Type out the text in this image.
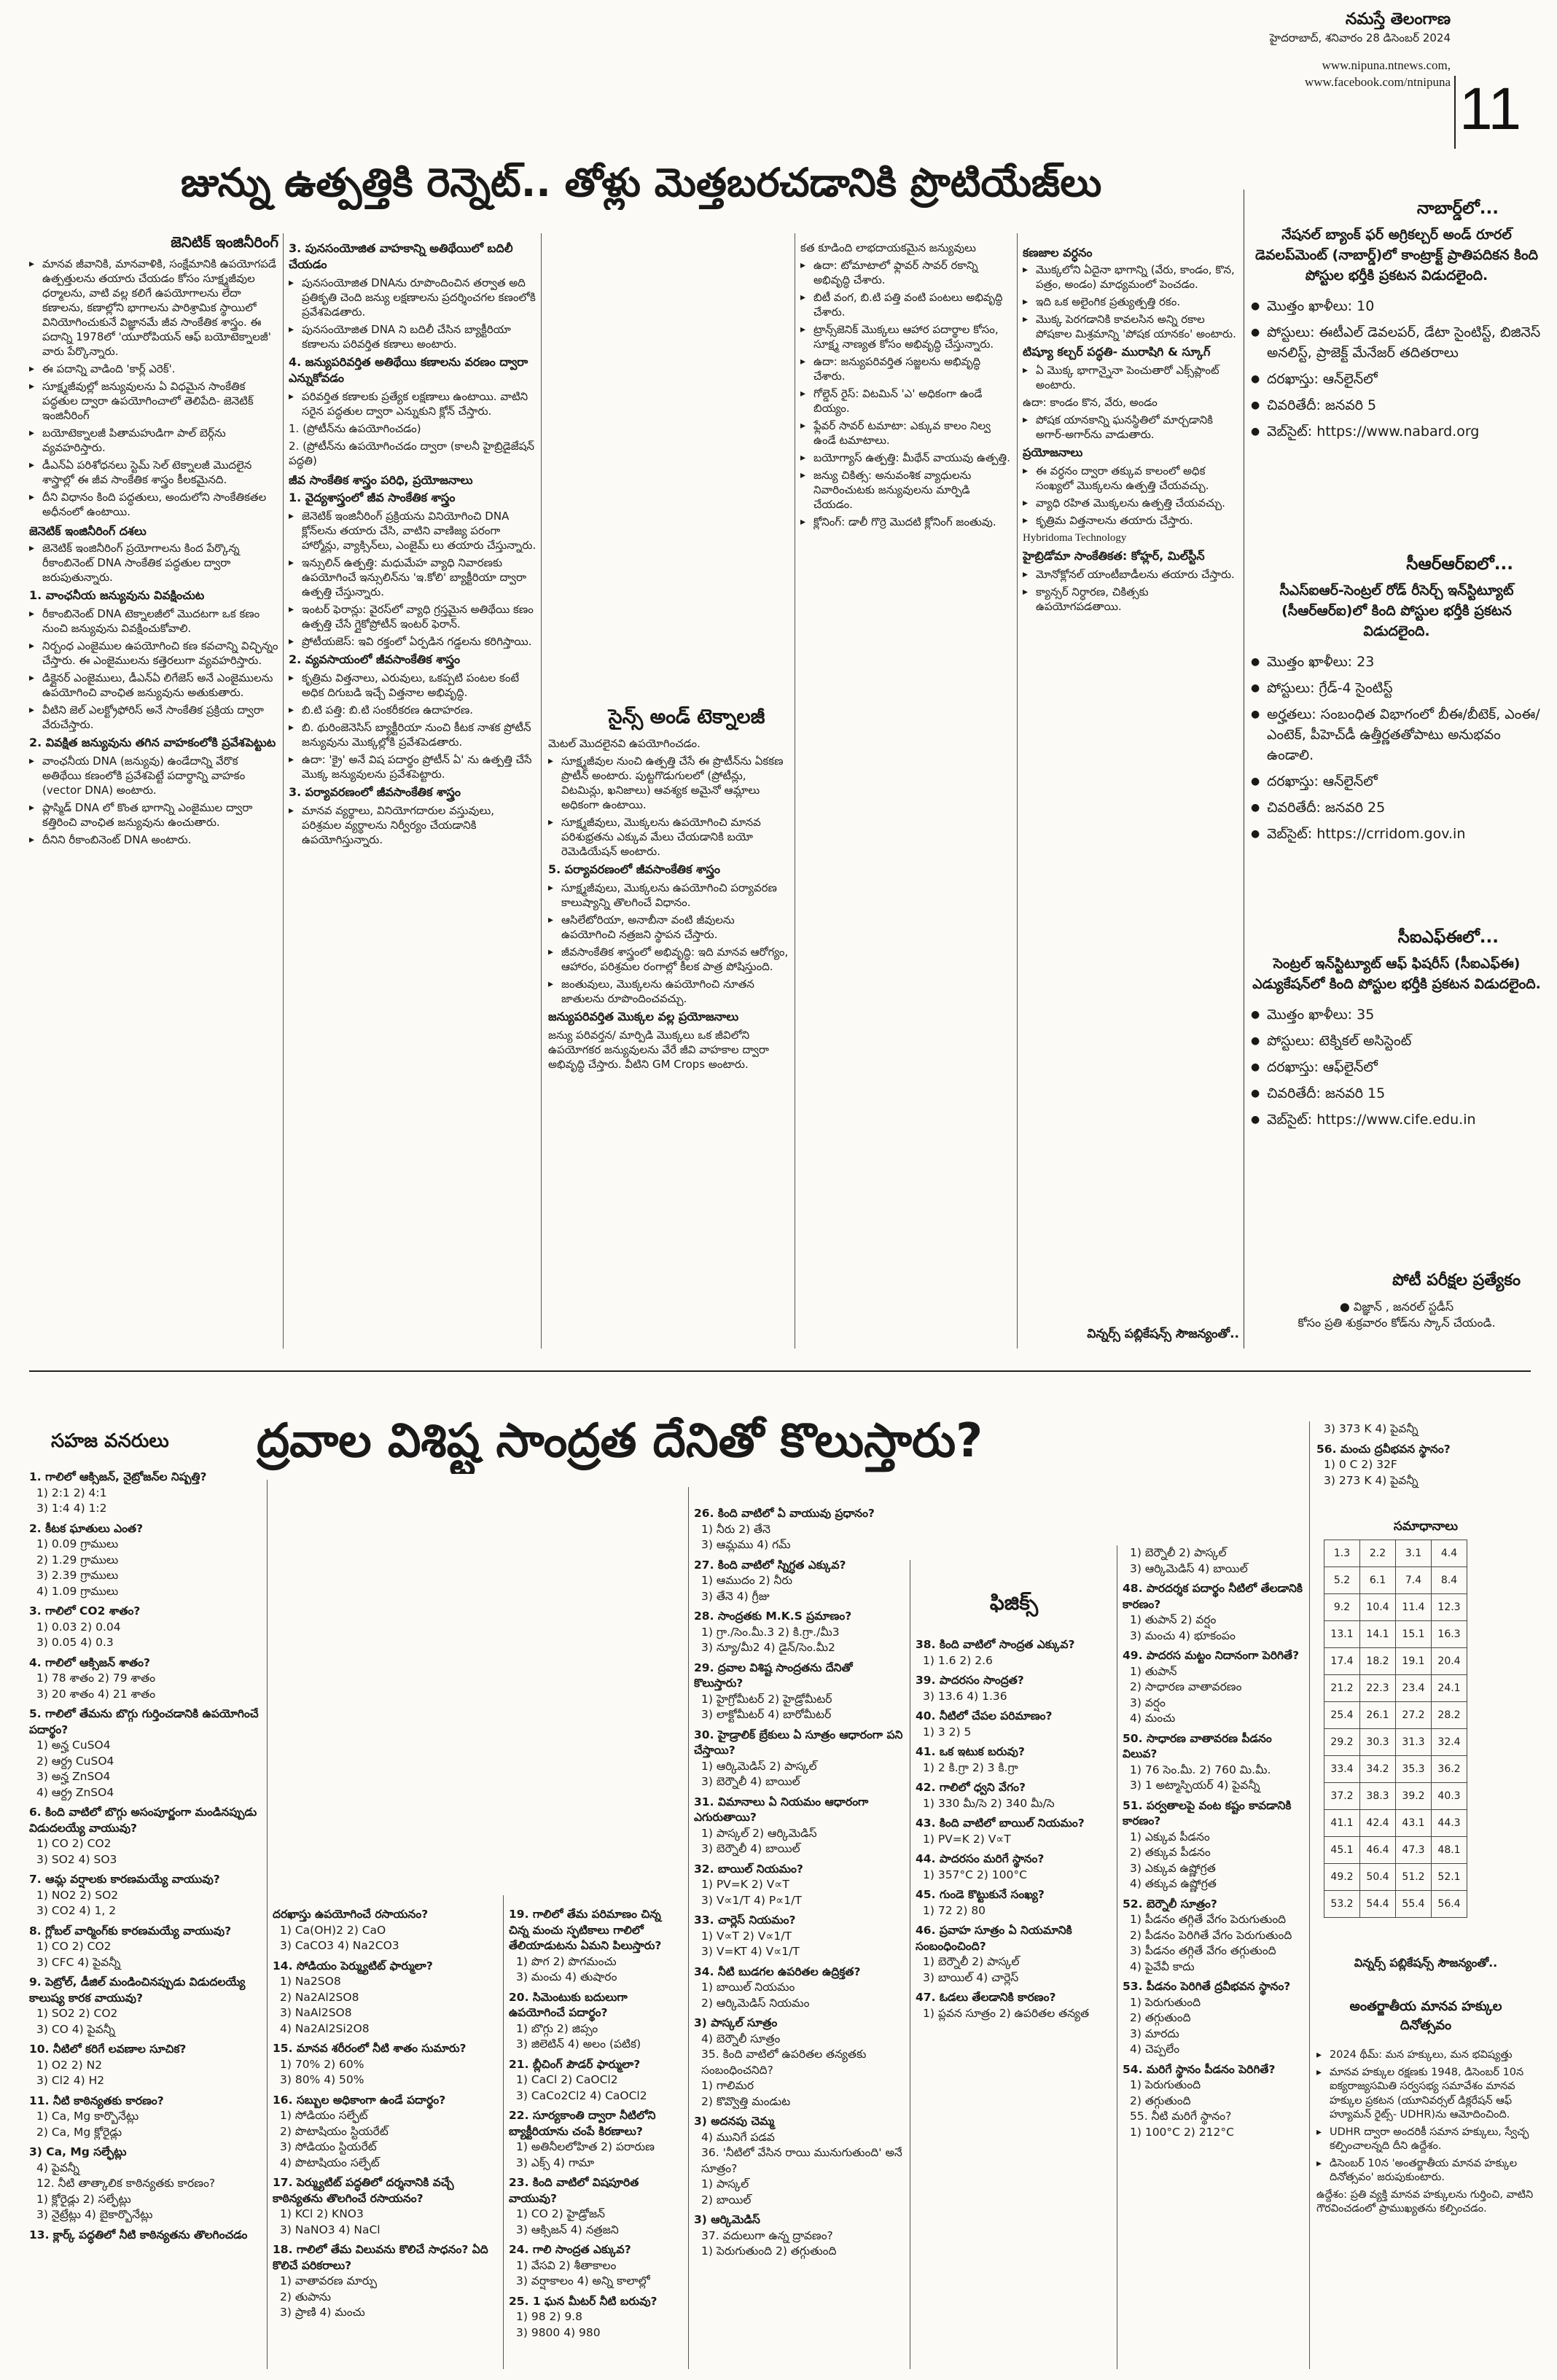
నమస్తే తెలంగాణ
హైదరాబాద్, శనివారం 28 డిసెంబర్ 2024
www.nipuna.ntnews.com,
www.facebook.com/ntnipuna 11
జున్ను ఉత్పత్తికి రెన్నెట్.. తోళ్లు మెత్తబరచడానికి ప్రొటియేజ్‌లు
జెనిటిక్ ఇంజినీరింగ్

▸ మానవ జీవానికి, మానవాళికి, సంక్షేమానికి ఉపయోగపడే ఉత్పత్తులను తయారు చేయడం కోసం సూక్ష్మజీవుల ధర్మాలను, వాటి వల్ల కలిగే ఉపయోగాలను లేదా కణాలను, కణాల్లోని భాగాలను పారిశ్రామిక స్థాయిలో వినియోగించుకునే విజ్ఞానమే జీవ సాంకేతిక శాస్త్రం. ఈ పదాన్ని 1978లో 'యూరోపియన్ ఆఫ్ బయోటెక్నాలజీ' వారు పేర్కొన్నారు.

▸ ఈ పదాన్ని వాడింది 'కార్ల్ ఎరెక్'.

▸ సూక్ష్మజీవుల్లో జన్యువులను ఏ విధమైన సాంకేతిక పద్ధతుల ద్వారా ఉపయోగించాలో తెలిపేది- జెనెటిక్ ఇంజినీరింగ్

▸ బయోటెక్నాలజీ పితామహుడిగా పాల్ బెర్గ్‌ను వ్యవహరిస్తారు.

▸ డీఎన్ఏ పరిశోధనలు స్టెమ్ సెల్ టెక్నాలజీ మొదలైన శాస్త్రాల్లో ఈ జీవ సాంకేతిక శాస్త్రం కీలకమైనది.

▸ దీని విధానం కింది పద్ధతులు, అందులోని సాంకేతికతల అధీనంలో ఉంటాయి.

జెనెటిక్ ఇంజినీరింగ్ దశలు

▸ జెనెటిక్ ఇంజినీరింగ్ ప్రయోగాలను కింద పేర్కొన్న రీకాంబినెంట్ DNA సాంకేతిక పద్ధతుల ద్వారా జరుపుతున్నారు.

1. వాంఛనీయ జన్యువును వివక్షించుట

▸ రీకాంబినెంట్ DNA టెక్నాలజీలో మొదటగా ఒక కణం నుంచి జన్యువును వివక్షించుకోవాలి.

▸ నిర్బంధ ఎంజైముల ఉపయోగించి కణ కవచాన్ని విచ్ఛిన్నం చేస్తారు. ఈ ఎంజైములను కత్తెరలుగా వ్యవహరిస్తారు.

▸ డిక్లైనర్ ఎంజైములు, డీఎన్ఏ లిగేజెస్ అనే ఎంజైములను ఉపయోగించి వాంఛిత జన్యువును అతుకుతారు.

▸ వీటిని జెల్ ఎలక్ట్రోఫోరిస్ అనే సాంకేతిక ప్రక్రియ ద్వారా వేరుచేస్తారు.

2. వివక్షిత జన్యువును తగిన వాహకంలోకి ప్రవేశపెట్టుట

▸ వాంఛనీయ DNA (జన్యువు) ఉండేదాన్ని వేరొక అతిథేయి కణంలోకి ప్రవేశపెట్టే పదార్థాన్ని వాహకం (vector DNA) అంటారు.

▸ ప్లాస్మిడ్ DNA లో కొంత భాగాన్ని ఎంజైముల ద్వారా కత్తిరించి వాంఛిత జన్యువును ఉంచుతారు.

▸ దీనిని రీకాంబినెంట్ DNA అంటారు.

3. పునసంయోజిత వాహకాన్ని అతిథేయిలో బదిలీ చేయడం

▸ పునసంయోజిత DNAను రూపొందించిన తర్వాత అది ప్రతికృతి చెంది జన్యు లక్షణాలను ప్రదర్శించగల కణంలోకి ప్రవేశపెడతారు.

▸ పునసంయోజిత DNA ని బదిలీ చేసిన బ్యాక్టీరియా కణాలను పరివర్తిత కణాలు అంటారు.

4. జన్యుపరివర్తిత అతిథేయి కణాలను వరణం ద్వారా ఎన్నుకోవడం

▸ పరివర్తిత కణాలకు ప్రత్యేక లక్షణాలు ఉంటాయి. వాటిని సరైన పద్ధతుల ద్వారా ఎన్నుకుని క్లోన్ చేస్తారు.

1. (ప్రోటీన్‌ను ఉపయోగించడం)

2. (ప్రోటీన్‌ను ఉపయోగించడం ద్వారా (కాలనీ హైబ్రిడైజేషన్ పద్ధతి)

జీవ సాంకేతిక శాస్త్రం పరిధి, ప్రయోజనాలు

1. వైద్యశాస్త్రంలో జీవ సాంకేతిక శాస్త్రం

▸ జెనెటిక్ ఇంజినీరింగ్ ప్రక్రియను వినియోగించి DNA క్లోన్‌లను తయారు చేసి, వాటిని వాణిజ్య పరంగా హార్మోన్లు, వ్యాక్సిన్‌లు, ఎంజైమ్ లు తయారు చేస్తున్నారు.

▸ ఇన్సులిన్ ఉత్పత్తి: మధుమేహ వ్యాధి నివారణకు ఉపయోగించే ఇన్సులిన్‌ను 'ఇ.కోలి' బ్యాక్టీరియా ద్వారా ఉత్పత్తి చేస్తున్నారు.

▸ ఇంటర్ ఫెరాన్లు: వైరస్‌లో వ్యాధి గ్రస్తమైన అతిథేయి కణం ఉత్పత్తి చేసే గ్లైకోప్రోటీన్ ఇంటర్ ఫెరాన్.

▸ ప్రోటీయజెస్: ఇవి రక్తంలో ఏర్పడిన గడ్డలను కరిగిస్తాయి.

2. వ్యవసాయంలో జీవసాంకేతిక శాస్త్రం

▸ కృత్రిమ విత్తనాలు, ఎరువులు, ఒకప్పటి పంటల కంటే అధిక దిగుబడి ఇచ్చే విత్తనాల అభివృద్ధి.

▸ బి.టి పత్తి: బి.టి సంకరీకరణ ఉదాహరణ.

▸ బి. థురింజెనెసిస్ బ్యాక్టీరియా నుంచి కీటక నాశక ప్రోటీన్ జన్యువును మొక్కల్లోకి ప్రవేశపెడతారు.

▸ ఉదా: 'క్రై' అనే విష పదార్థం ప్రోటీన్ ఏ' ను ఉత్పత్తి చేసే మొక్క జన్యువులను ప్రవేశపెట్టారు.

3. పర్యావరణంలో జీవసాంకేతిక శాస్త్రం

▸ మానవ వ్యర్థాలు, వినియోగదారుల వస్తువులు, పరిశ్రమల వ్యర్థాలను నిర్వీర్యం చేయడానికి ఉపయోగిస్తున్నారు.

సైన్స్ అండ్ టెక్నాలజీ

మెటల్ మొదలైనవి ఉపయోగించడం.

▸ సూక్ష్మజీవుల నుంచి ఉత్పత్తి చేసే ఈ ప్రొటీన్‌ను ఏకకణ ప్రొటీన్ అంటారు. పుట్టగొడుగులలో (ప్రోటీన్లు, విటమిన్లు, ఖనిజాలు) ఆవశ్యక అమైనో ఆమ్లాలు అధికంగా ఉంటాయి.

▸ సూక్ష్మజీవులు, మొక్కలను ఉపయోగించి మానవ పరిశుభ్రతను ఎక్కువ మేలు చేయడానికి బయో రెమెడియేషన్ అంటారు.

5. పర్యావరణంలో జీవసాంకేతిక శాస్త్రం

▸ సూక్ష్మజీవులు, మొక్కలను ఉపయోగించి పర్యావరణ కాలుష్యాన్ని తొలగించే విధానం.

▸ ఆసిలేటోరియా, అనాబీనా వంటి జీవులను ఉపయోగించి నత్రజని స్థాపన చేస్తారు.

▸ జీవసాంకేతిక శాస్త్రంలో అభివృద్ధి: ఇది మానవ ఆరోగ్యం, ఆహారం, పరిశ్రమల రంగాల్లో కీలక పాత్ర పోషిస్తుంది.

▸ జంతువులు, మొక్కలను ఉపయోగించి నూతన జాతులను రూపొందించవచ్చు.

జన్యుపరివర్తిత మొక్కల వల్ల ప్రయోజనాలు

జన్యు పరివర్తన/ మార్పిడి మొక్కలు ఒక జీవిలోని ఉపయోగకర జన్యువులను వేరే జీవి వాహకాల ద్వారా అభివృద్ధి చేస్తారు. వీటిని GM Crops అంటారు.

కత కూడింది లాభదాయకమైన జన్యువులు

▸ ఉదా: టోమాటాలో ఫ్లావర్ సావర్ రకాన్ని అభివృద్ధి చేశారు.

▸ బిటీ వంగ, బి.టి పత్తి వంటి పంటలు అభివృద్ధి చేశారు.

▸ ట్రాన్స్‌జెనిక్ మొక్కలు ఆహార పదార్థాల కోసం, సూక్ష్మ నాణ్యత కోసం అభివృద్ధి చేస్తున్నారు.

▸ ఉదా: జన్యుపరివర్తిత సజ్జలను అభివృద్ధి చేశారు.

▸ గోల్డెన్ రైస్: విటమిన్ 'ఎ' అధికంగా ఉండే బియ్యం.

▸ ఫ్లేవర్ సావర్ టమాటా: ఎక్కువ కాలం నిల్వ ఉండే టమాటాలు.

▸ బయోగ్యాస్ ఉత్పత్తి: మీథేన్ వాయువు ఉత్పత్తి.

▸ జన్యు చికిత్స: అనువంశిక వ్యాధులను నివారించుటకు జన్యువులను మార్పిడి చేయడం.

▸ క్లోనింగ్: డాలీ గొర్రె మొదటి క్లోనింగ్ జంతువు.

కణజాల వర్ధనం

▸ మొక్కలోని ఏదైనా భాగాన్ని (వేరు, కాండం, కొన, పత్రం, అండం) మాధ్యమంలో పెంచడం.

▸ ఇది ఒక అలైంగిక ప్రత్యుత్పత్తి రకం.

▸ మొక్క పెరగడానికి కావలసిన అన్ని రకాల పోషకాల మిశ్రమాన్ని 'పోషక యానకం' అంటారు.

టిష్యూ కల్చర్ పద్ధతి- మురాషిగి & స్కూగ్

▸ ఏ మొక్క భాగాన్నైనా పెంచుతారో ఎక్స్‌ప్లాంట్ అంటారు.

ఉదా: కాండం కొన, వేరు, అండం

▸ పోషక యానకాన్ని ఘనస్థితిలో మార్చడానికి అగార్-అగార్‌ను వాడుతారు.

ప్రయోజనాలు

▸ ఈ వర్ధనం ద్వారా తక్కువ కాలంలో అధిక సంఖ్యలో మొక్కలను ఉత్పత్తి చేయవచ్చు.

▸ వ్యాధి రహిత మొక్కలను ఉత్పత్తి చేయవచ్చు.

▸ కృత్రిమ విత్తనాలను తయారు చేస్తారు.

Hybridoma Technology

హైబ్రిడోమా సాంకేతికత: కోహ్లర్, మిల్‌స్టీన్

▸ మోనోక్లోనల్ యాంటీబాడీలను తయారు చేస్తారు.

▸ క్యాన్సర్ నిర్ధారణ, చికిత్సకు ఉపయోగపడతాయి.

విన్నర్స్ పబ్లికేషన్స్ సౌజన్యంతో..
నాబార్డ్‌లో...
నేషనల్ బ్యాంక్ ఫర్ అగ్రికల్చర్ అండ్ రూరల్ డెవలప్‌మెంట్ (నాబార్డ్)లో కాంట్రాక్ట్ ప్రాతిపదికన కింది పోస్టుల భర్తీకి ప్రకటన విడుదలైంది.
● మొత్తం ఖాళీలు: 10
● పోస్టులు: ఈటీఎల్ డెవలపర్, డేటా సైంటిస్ట్, బిజినెస్ అనలిస్ట్, ప్రాజెక్ట్ మేనేజర్ తదితరాలు
● దరఖాస్తు: ఆన్‌లైన్‌లో
● చివరితేదీ: జనవరి 5
● వెబ్‌సైట్: https://www.nabard.org
సీఆర్ఆర్ఐలో...
సీఎస్ఐఆర్-సెంట్రల్ రోడ్ రీసెర్చ్ ఇన్‌స్టిట్యూట్ (సీఆర్ఆర్ఐ)లో కింది పోస్టుల భర్తీకి ప్రకటన విడుదలైంది.
● మొత్తం ఖాళీలు: 23
● పోస్టులు: గ్రేడ్-4 సైంటిస్ట్
● అర్హతలు: సంబంధిత విభాగంలో బీఈ/బీటెక్, ఎంఈ/ఎంటెక్, పీహెచ్‌డీ ఉత్తీర్ణతతోపాటు అనుభవం ఉండాలి.
● దరఖాస్తు: ఆన్‌లైన్‌లో
● చివరితేదీ: జనవరి 25
● వెబ్‌సైట్: https://crridom.gov.in
సీఐఎఫ్ఈలో...
సెంట్రల్ ఇన్‌స్టిట్యూట్ ఆఫ్ ఫిషరీస్ (సీఐఎఫ్ఈ) ఎడ్యుకేషన్‌లో కింది పోస్టుల భర్తీకి ప్రకటన విడుదలైంది.
● మొత్తం ఖాళీలు: 35
● పోస్టులు: టెక్నికల్ అసిస్టెంట్
● దరఖాస్తు: ఆఫ్‌లైన్‌లో
● చివరితేదీ: జనవరి 15
● వెబ్‌సైట్: https://www.cife.edu.in
పోటీ పరీక్షల ప్రత్యేకం
● విజ్ఞాన్ , జనరల్ స్టడీస్
కోసం ప్రతి శుక్రవారం కోడ్‌ను స్కాన్ చేయండి.
సహజ వనరులు	ద్రవాల విశిష్ట సాంద్రత దేనితో కొలుస్తారు?
1. గాలిలో ఆక్సిజన్, నైట్రోజన్‌ల నిష్పత్తి?
1) 2:1 2) 4:1
3) 1:4 4) 1:2
2. కీటక ఘాతులు ఎంత?
1) 0.09 గ్రాములు
2) 1.29 గ్రాములు
3) 2.39 గ్రాములు
4) 1.09 గ్రాములు
3. గాలిలో CO2 శాతం?
1) 0.03 2) 0.04
3) 0.05 4) 0.3
4. గాలిలో ఆక్సిజన్ శాతం?
1) 78 శాతం 2) 79 శాతం
3) 20 శాతం 4) 21 శాతం
5. గాలిలో తేమను బొగ్గు గుర్తించడానికి ఉపయోగించే పదార్థం?
1) అన్హ CuSO4
2) ఆర్ద్ర CuSO4
3) అన్హ ZnSO4
4) ఆర్ద్ర ZnSO4
6. కింది వాటిలో బొగ్గు అసంపూర్ణంగా మండినప్పుడు విడుదలయ్యే వాయువు?
1) CO 2) CO2
3) SO2 4) SO3
7. ఆమ్ల వర్షాలకు కారణమయ్యే వాయువు?
1) NO2 2) SO2
3) CO2 4) 1, 2
8. గ్లోబల్ వార్మింగ్‌కు కారణమయ్యే వాయువు?
1) CO 2) CO2
3) CFC 4) పైవన్నీ
9. పెట్రోల్, డీజిల్ మండించినప్పుడు విడుదలయ్యే కాలుష్య కారక వాయువు?
1) SO2 2) CO2
3) CO 4) పైవన్నీ
10. నీటిలో కరిగే లవణాల సూచిక?
1) O2 2) N2
3) Cl2 4) H2
11. నీటి కాఠిన్యతకు కారణం?
1) Ca, Mg కార్బొనేట్లు
2) Ca, Mg క్లోరైడ్లు
3) Ca, Mg సల్ఫేట్లు
4) పైవన్నీ
12. నీటి తాత్కాలిక కాఠిన్యతకు కారణం?
1) క్లోరైడ్లు 2) సల్ఫేట్లు
3) నైట్రేట్లు 4) బైకార్బొనేట్లు
13. క్లార్క్ పద్ధతిలో నీటి కాఠిన్యతను తొలగించడం
దరఖాస్తు ఉపయోగించే రసాయనం?
1) Ca(OH)2 2) CaO
3) CaCO3 4) Na2CO3
14. సోడియం పెర్మ్యుటిట్ ఫార్ములా?
1) Na2SO8
2) Na2Al2SO8
3) NaAl2SO8
4) Na2Al2Si2O8
15. మానవ శరీరంలో నీటి శాతం సుమారు?
1) 70% 2) 60%
3) 80% 4) 50%
16. సబ్బుల అధికాంగా ఉండే పదార్థం?
1) సోడియం సల్ఫేట్
2) పొటాషియం స్టియరేట్
3) సోడియం స్టియరేట్
4) పొటాషియం సల్ఫేట్
17. పెర్మ్యుటిట్ పద్ధతిలో దర్శనానికి వచ్చే కాఠిన్యతను తొలగించే రసాయనం?
1) KCl 2) KNO3
3) NaNO3 4) NaCl
18. గాలిలో తేమ విలువను కొలిచే సాధనం? ఏది కొలిచే పరికరాలు?
1) వాతావరణ మార్పు
2) తుపాను
3) ప్రాణి 4) మంచు
19. గాలిలో తేమ పరిమాణం చిన్న చిన్న మంచు స్ఫటికాలు గాలిలో తేలియాడుటను ఏమని పిలుస్తారు?
1) పొగ 2) పొగమంచు
3) మంచు 4) తుషారం
20. సిమెంటుకు బదులుగా ఉపయోగించే పదార్థం?
1) బొగ్గు 2) జిప్సం
3) జిలెటిన్ 4) అలం (పటిక)
21. బ్లీచింగ్ పౌడర్ ఫార్ములా?
1) CaCl 2) CaOCl2
3) CaCo2Cl2 4) CaOCl2
22. సూర్యకాంతి ద్వారా నీటిలోని బ్యాక్టీరియాను చంపే కిరణాలు?
1) అతినీలలోహిత 2) పరారుణ
3) ఎక్స్ 4) గామా
23. కింది వాటిలో విషపూరిత వాయువు?
1) CO 2) హైడ్రోజన్
3) ఆక్సిజన్ 4) నత్రజని
24. గాలి సాంద్రత ఎక్కువ?
1) వేసవి 2) శీతాకాలం
3) వర్షాకాలం 4) అన్ని కాలాల్లో
25. 1 ఘన మీటర్ నీటి బరువు?
1) 98 2) 9.8
3) 9800 4) 980
26. కింది వాటిలో ఏ వాయువు ప్రధానం?
1) నీరు 2) తేనె
3) ఆమ్లము 4) గమ్
27. కింది వాటిలో స్నిగ్ధత ఎక్కువ?
1) ఆముదం 2) నీరు
3) తేనె 4) గ్రీజు
28. సాంద్రతకు M.K.S ప్రమాణం?
1) గ్రా./సెం.మీ.3 2) కి.గ్రా./మీ3
3) న్యూ/మీ2 4) డైన్/సెం.మీ2
29. ద్రవాల విశిష్ట సాంద్రతను దేనితో కొలుస్తారు?
1) హైగ్రోమీటర్ 2) హైడ్రోమీటర్
3) లాక్టోమీటర్ 4) బారోమీటర్
30. హైడ్రాలిక్ బ్రేకులు ఏ సూత్రం ఆధారంగా పని చేస్తాయి?
1) ఆర్కిమెడిస్ 2) పాస్కల్
3) బెర్నౌలీ 4) బాయిల్
31. విమానాలు ఏ నియమం ఆధారంగా ఎగురుతాయి?
1) పాస్కల్ 2) ఆర్కిమెడిస్
3) బెర్నౌలీ 4) బాయిల్
32. బాయిల్ నియమం?
1) PV=K 2) V∝T
3) V∝1/T 4) P∝1/T
33. చార్లెస్ నియమం?
1) V∝T 2) V∝1/T
3) V=KT 4) V∝1/T
34. నీటి బుడగల ఉపరితల ఉద్రిక్తత?
1) బాయిల్ నియమం
2) ఆర్కిమెడిస్ నియమం
3) పాస్కల్ సూత్రం
4) బెర్నౌలీ సూత్రం
35. కింది వాటిలో ఉపరితల తన్యతకు సంబంధించనిది?
1) గాలిమర
2) కొవ్వొత్తి మండుట
3) అదనపు చెమ్మ
4) మునిగే పడవ
36. 'నీటిలో వేసిన రాయి మునుగుతుంది' అనే సూత్రం?
1) పాస్కల్
2) బాయిల్
3) ఆర్కిమెడిస్
37. వదులుగా ఉన్న ద్రావణం?
1) పెరుగుతుంది 2) తగ్గుతుంది
ఫిజిక్స్
38. కింది వాటిలో సాంద్రత ఎక్కువ?
1) 1.6 2) 2.6
39. పాదరసం సాంద్రత?
3) 13.6 4) 1.36
40. నీటిలో చేపల పరిమాణం?
1) 3 2) 5
41. ఒక ఇటుక బరువు?
1) 2 కి.గ్రా 2) 3 కి.గ్రా
42. గాలిలో ధ్వని వేగం?
1) 330 మీ/సె 2) 340 మీ/సె
43. కింది వాటిలో బాయిల్ నియమం?
1) PV=K 2) V∝T
44. పాదరసం మరిగే స్థానం?
1) 357°C 2) 100°C
45. గుండె కొట్టుకునే సంఖ్య?
1) 72 2) 80
46. ప్రవాహ సూత్రం ఏ నియమానికి సంబంధించింది?
1) బెర్నౌలీ 2) పాస్కల్
3) బాయిల్ 4) చార్లెస్
47. ఓడలు తేలడానికి కారణం?
1) ప్లవన సూత్రం 2) ఉపరితల తన్యత
1) బెర్నౌలీ 2) పాస్కల్
3) ఆర్కిమెడిస్ 4) బాయిల్
48. పారదర్శక పదార్థం నీటిలో తేలడానికి కారణం?
1) తుపాన్ 2) వర్షం
3) మంచు 4) భూకంపం
49. పాదరస మట్టం నిదానంగా పెరిగితే?
1) తుపాన్
2) సాధారణ వాతావరణం
3) వర్షం
4) మంచు
50. సాధారణ వాతావరణ పీడనం విలువ?
1) 76 సెం.మీ. 2) 760 మి.మీ.
3) 1 అట్మాస్ఫియర్ 4) పైవన్నీ
51. పర్వతాలపై వంట కష్టం కావడానికి కారణం?
1) ఎక్కువ పీడనం
2) తక్కువ పీడనం
3) ఎక్కువ ఉష్ణోగ్రత
4) తక్కువ ఉష్ణోగ్రత
52. బెర్నౌలీ సూత్రం?
1) పీడనం తగ్గితే వేగం పెరుగుతుంది
2) పీడనం పెరిగితే వేగం పెరుగుతుంది
3) పీడనం తగ్గితే వేగం తగ్గుతుంది
4) పైవేవీ కాదు
53. పీడనం పెరిగితే ద్రవీభవన స్థానం?
1) పెరుగుతుంది
2) తగ్గుతుంది
3) మారదు
4) చెప్పలేం
54. మరిగే స్థానం పీడనం పెరిగితే?
1) పెరుగుతుంది
2) తగ్గుతుంది
55. నీటి మరిగే స్థానం?
1) 100°C 2) 212°C
3) 373 K 4) పైవన్నీ
56. మంచు ద్రవీభవన స్థానం?
1) 0 C 2) 32F
3) 273 K 4) పైవన్నీ
సమాధానాలు
1.3	2.2	3.1	4.4
5.2	6.1	7.4	8.4
9.2	10.4	11.4	12.3
13.1	14.1	15.1	16.3
17.4	18.2	19.1	20.4
21.2	22.3	23.4	24.1
25.4	26.1	27.2	28.2
29.2	30.3	31.3	32.4
33.4	34.2	35.3	36.2
37.2	38.3	39.2	40.3
41.1	42.4	43.1	44.3
45.1	46.4	47.3	48.1
49.2	50.4	51.2	52.1
53.2	54.4	55.4	56.4
విన్నర్స్ పబ్లికేషన్స్ సౌజన్యంతో..
అంతర్జాతీయ మానవ హక్కుల దినోత్సవం

▸ 2024 థీమ్: మన హక్కులు, మన భవిష్యత్తు

▸ మానవ హక్కుల రక్షణకు 1948, డిసెంబర్ 10న ఐక్యరాజ్యసమితి సర్వసభ్య సమావేశం మానవ హక్కుల ప్రకటన (యూనివర్సల్ డిక్లరేషన్ ఆఫ్ హ్యూమన్ రైట్స్- UDHR)ను ఆమోదించింది.

▸ UDHR ద్వారా అందరికీ సమాన హక్కులు, స్వేచ్ఛ కల్పించాలన్నది దీని ఉద్దేశం.

▸ డిసెంబర్ 10న 'అంతర్జాతీయ మానవ హక్కుల దినోత్సవం' జరుపుకుంటారు.

ఉద్దేశం: ప్రతి వ్యక్తి మానవ హక్కులను గుర్తించి, వాటిని గౌరవించడంలో ప్రాముఖ్యతను కల్పించడం.
